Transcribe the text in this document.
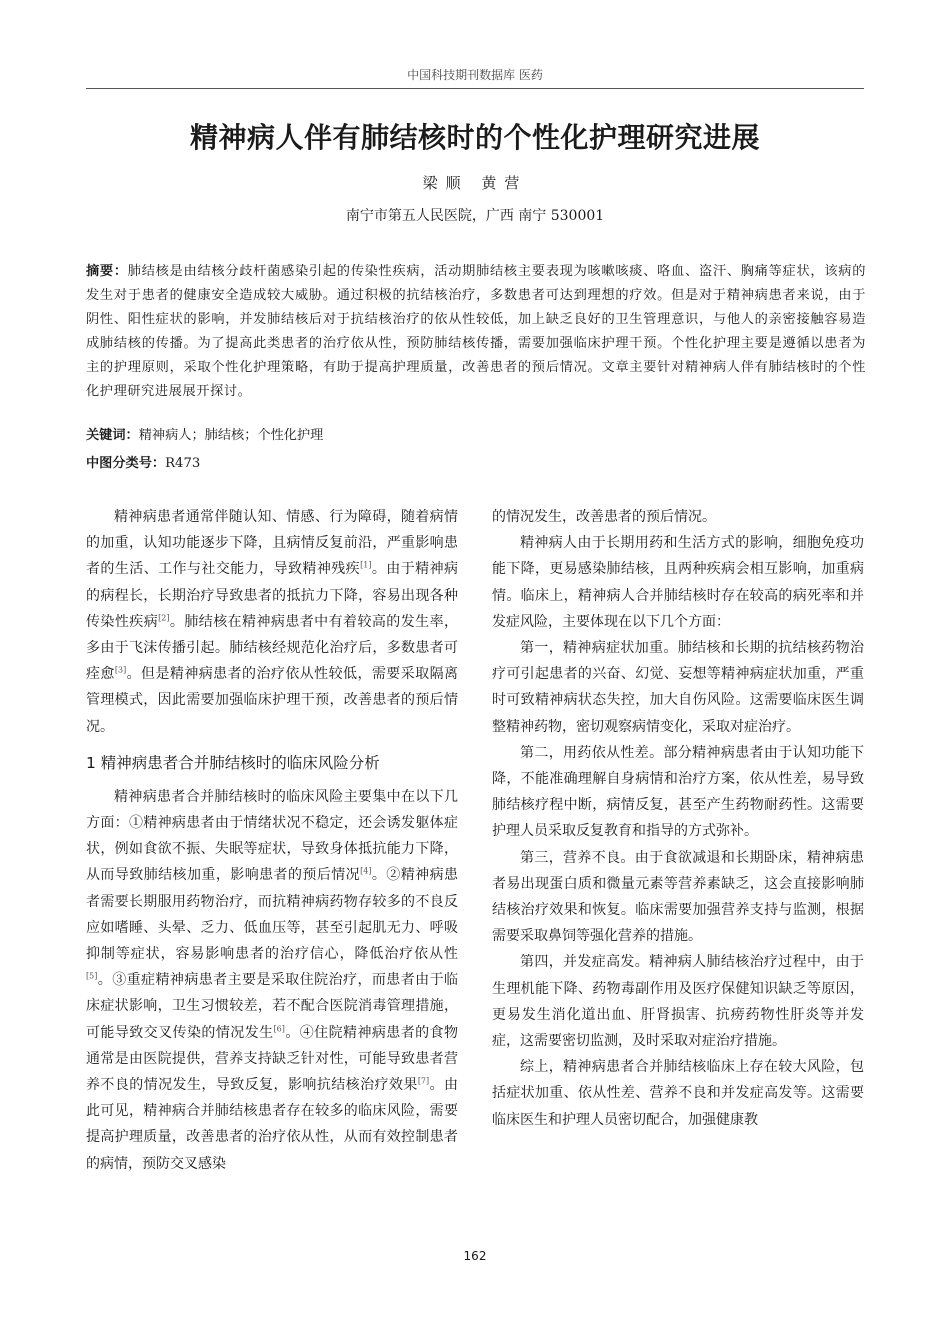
中国科技期刊数据库 医药
精神病人伴有肺结核时的个性化护理研究进展
梁顺 黄营
南宁市第五人民医院，广西 南宁 530001
摘要：肺结核是由结核分歧杆菌感染引起的传染性疾病，活动期肺结核主要表现为咳嗽咳痰、咯血、盗汗、胸痛等症状，该病的发生对于患者的健康安全造成较大威胁。通过积极的抗结核治疗，多数患者可达到理想的疗效。但是对于精神病患者来说，由于阴性、阳性症状的影响，并发肺结核后对于抗结核治疗的依从性较低，加上缺乏良好的卫生管理意识，与他人的亲密接触容易造成肺结核的传播。为了提高此类患者的治疗依从性，预防肺结核传播，需要加强临床护理干预。个性化护理主要是遵循以患者为主的护理原则，采取个性化护理策略，有助于提高护理质量，改善患者的预后情况。文章主要针对精神病人伴有肺结核时的个性化护理研究进展展开探讨。
关键词：精神病人；肺结核；个性化护理
中图分类号：R473

精神病患者通常伴随认知、情感、行为障碍，随着病情的加重，认知功能逐步下降，且病情反复前沿，严重影响患者的生活、工作与社交能力，导致精神残疾[1]。由于精神病的病程长，长期治疗导致患者的抵抗力下降，容易出现各种传染性疾病[2]。肺结核在精神病患者中有着较高的发生率，多由于飞沫传播引起。肺结核经规范化治疗后，多数患者可痊愈[3]。但是精神病患者的治疗依从性较低，需要采取隔离管理模式，因此需要加强临床护理干预，改善患者的预后情况。

1 精神病患者合并肺结核时的临床风险分析

精神病患者合并肺结核时的临床风险主要集中在以下几方面：①精神病患者由于情绪状况不稳定，还会诱发躯体症状，例如食欲不振、失眠等症状，导致身体抵抗能力下降，从而导致肺结核加重，影响患者的预后情况[4]。②精神病患者需要长期服用药物治疗，而抗精神病药物存较多的不良反应如嗜睡、头晕、乏力、低血压等，甚至引起肌无力、呼吸抑制等症状，容易影响患者的治疗信心，降低治疗依从性[5]。③重症精神病患者主要是采取住院治疗，而患者由于临床症状影响，卫生习惯较差，若不配合医院消毒管理措施，可能导致交叉传染的情况发生[6]。④住院精神病患者的食物通常是由医院提供，营养支持缺乏针对性，可能导致患者营养不良的情况发生，导致反复，影响抗结核治疗效果[7]。由此可见，精神病合并肺结核患者存在较多的临床风险，需要提高护理质量，改善患者的治疗依从性，从而有效控制患者的病情，预防交叉感染

的情况发生，改善患者的预后情况。

精神病人由于长期用药和生活方式的影响，细胞免疫功能下降，更易感染肺结核，且两种疾病会相互影响，加重病情。临床上，精神病人合并肺结核时存在较高的病死率和并发症风险，主要体现在以下几个方面：

第一，精神病症状加重。肺结核和长期的抗结核药物治疗可引起患者的兴奋、幻觉、妄想等精神病症状加重，严重时可致精神病状态失控，加大自伤风险。这需要临床医生调整精神药物，密切观察病情变化，采取对症治疗。

第二，用药依从性差。部分精神病患者由于认知功能下降，不能准确理解自身病情和治疗方案，依从性差，易导致肺结核疗程中断，病情反复，甚至产生药物耐药性。这需要护理人员采取反复教育和指导的方式弥补。

第三，营养不良。由于食欲减退和长期卧床，精神病患者易出现蛋白质和微量元素等营养素缺乏，这会直接影响肺结核治疗效果和恢复。临床需要加强营养支持与监测，根据需要采取鼻饲等强化营养的措施。

第四，并发症高发。精神病人肺结核治疗过程中，由于生理机能下降、药物毒副作用及医疗保健知识缺乏等原因，更易发生消化道出血、肝肾损害、抗痨药物性肝炎等并发症，这需要密切监测，及时采取对症治疗措施。

综上，精神病患者合并肺结核临床上存在较大风险，包括症状加重、依从性差、营养不良和并发症高发等。这需要临床医生和护理人员密切配合，加强健康教

162
